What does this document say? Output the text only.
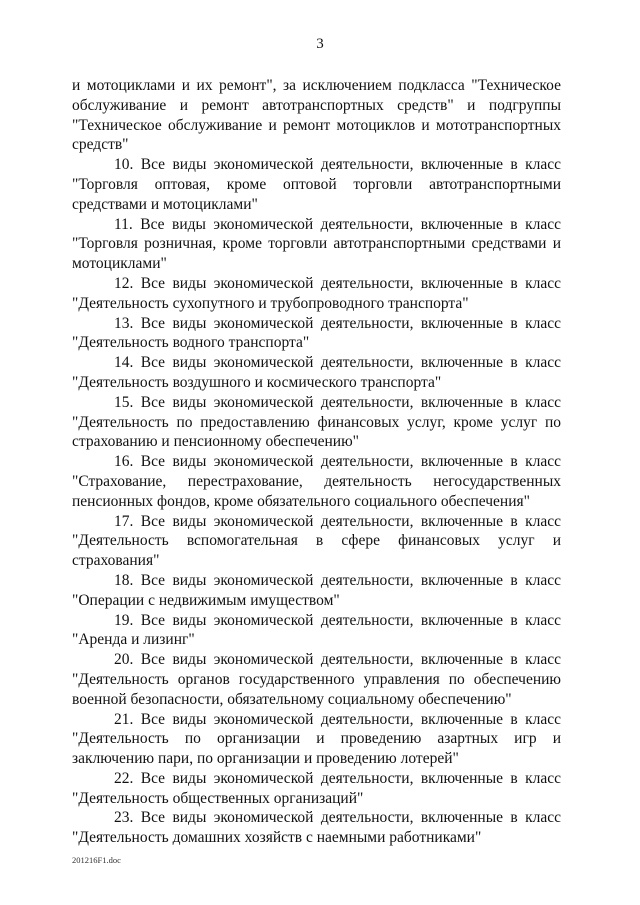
3

и мотоциклами и их ремонт", за исключением подкласса "Техническое обслуживание и ремонт автотранспортных средств" и подгруппы "Техническое обслуживание и ремонт мотоциклов и мототранспортных средств"

10. Все виды экономической деятельности, включенные в класс "Торговля оптовая, кроме оптовой торговли автотранспортными средствами и мотоциклами"

11. Все виды экономической деятельности, включенные в класс "Торговля розничная, кроме торговли автотранспортными средствами и мотоциклами"

12. Все виды экономической деятельности, включенные в класс "Деятельность сухопутного и трубопроводного транспорта"

13. Все виды экономической деятельности, включенные в класс "Деятельность водного транспорта"

14. Все виды экономической деятельности, включенные в класс "Деятельность воздушного и космического транспорта"

15. Все виды экономической деятельности, включенные в класс "Деятельность по предоставлению финансовых услуг, кроме услуг по страхованию и пенсионному обеспечению"

16. Все виды экономической деятельности, включенные в класс "Страхование, перестрахование, деятельность негосударственных пенсионных фондов, кроме обязательного социального обеспечения"

17. Все виды экономической деятельности, включенные в класс "Деятельность вспомогательная в сфере финансовых услуг и страхования"

18. Все виды экономической деятельности, включенные в класс "Операции с недвижимым имуществом"

19. Все виды экономической деятельности, включенные в класс "Аренда и лизинг"

20. Все виды экономической деятельности, включенные в класс "Деятельность органов государственного управления по обеспечению военной безопасности, обязательному социальному обеспечению"

21. Все виды экономической деятельности, включенные в класс "Деятельность по организации и проведению азартных игр и заключению пари, по организации и проведению лотерей"

22. Все виды экономической деятельности, включенные в класс "Деятельность общественных организаций"

23. Все виды экономической деятельности, включенные в класс "Деятельность домашних хозяйств с наемными работниками"

201216F1.doc
